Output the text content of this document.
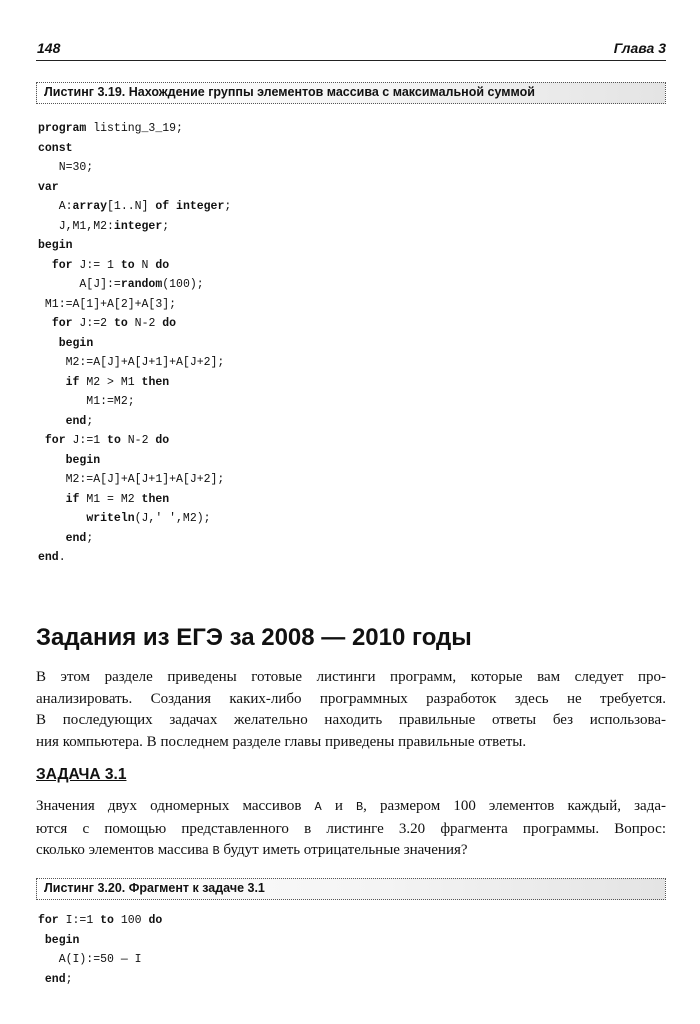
148	Глава 3
Листинг 3.19. Нахождение группы элементов массива с максимальной суммой
program listing_3_19;
const
N=30;
var
A:array[1..N] of integer;
J,M1,M2:integer;
begin
for J:= 1 to N do
A[J]:=random(100);
M1:=A[1]+A[2]+A[3];
for J:=2 to N-2 do
begin
M2:=A[J]+A[J+1]+A[J+2];
if M2 > M1 then
M1:=M2;
end;
for J:=1 to N-2 do
begin
M2:=A[J]+A[J+1]+A[J+2];
if M1 = M2 then
writeln(J,' ',M2);
end;
end.
Задания из ЕГЭ за 2008 — 2010 годы
В этом разделе приведены готовые листинги программ, которые вам следует про-
анализировать. Создания каких-либо программных разработок здесь не требуется.
В последующих задачах желательно находить правильные ответы без использова-
ния компьютера. В последнем разделе главы приведены правильные ответы.
ЗАДАЧА 3.1
Значения двух одномерных массивов A и B, размером 100 элементов каждый, зада-
ются с помощью представленного в листинге 3.20 фрагмента программы. Вопрос:
сколько элементов массива B будут иметь отрицательные значения?
Листинг 3.20. Фрагмент к задаче 3.1
for I:=1 to 100 do
begin
A(I):=50 — I
end;
